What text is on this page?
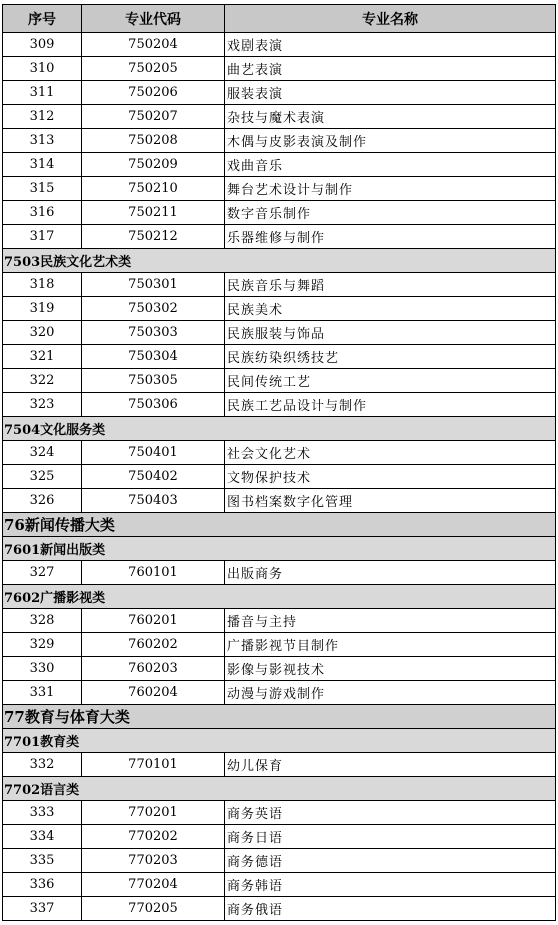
序号	专业代码	专业名称
309	750204	戏剧表演
310	750205	曲艺表演
311	750206	服装表演
312	750207	杂技与魔术表演
313	750208	木偶与皮影表演及制作
314	750209	戏曲音乐
315	750210	舞台艺术设计与制作
316	750211	数字音乐制作
317	750212	乐器维修与制作
7503民族文化艺术类		
318	750301	民族音乐与舞蹈
319	750302	民族美术
320	750303	民族服装与饰品
321	750304	民族纺染织绣技艺
322	750305	民间传统工艺
323	750306	民族工艺品设计与制作
7504文化服务类		
324	750401	社会文化艺术
325	750402	文物保护技术
326	750403	图书档案数字化管理
76新闻传播大类		
7601新闻出版类		
327	760101	出版商务
7602广播影视类		
328	760201	播音与主持
329	760202	广播影视节目制作
330	760203	影像与影视技术
331	760204	动漫与游戏制作
77教育与体育大类		
7701教育类		
332	770101	幼儿保育
7702语言类		
333	770201	商务英语
334	770202	商务日语
335	770203	商务德语
336	770204	商务韩语
337	770205	商务俄语
